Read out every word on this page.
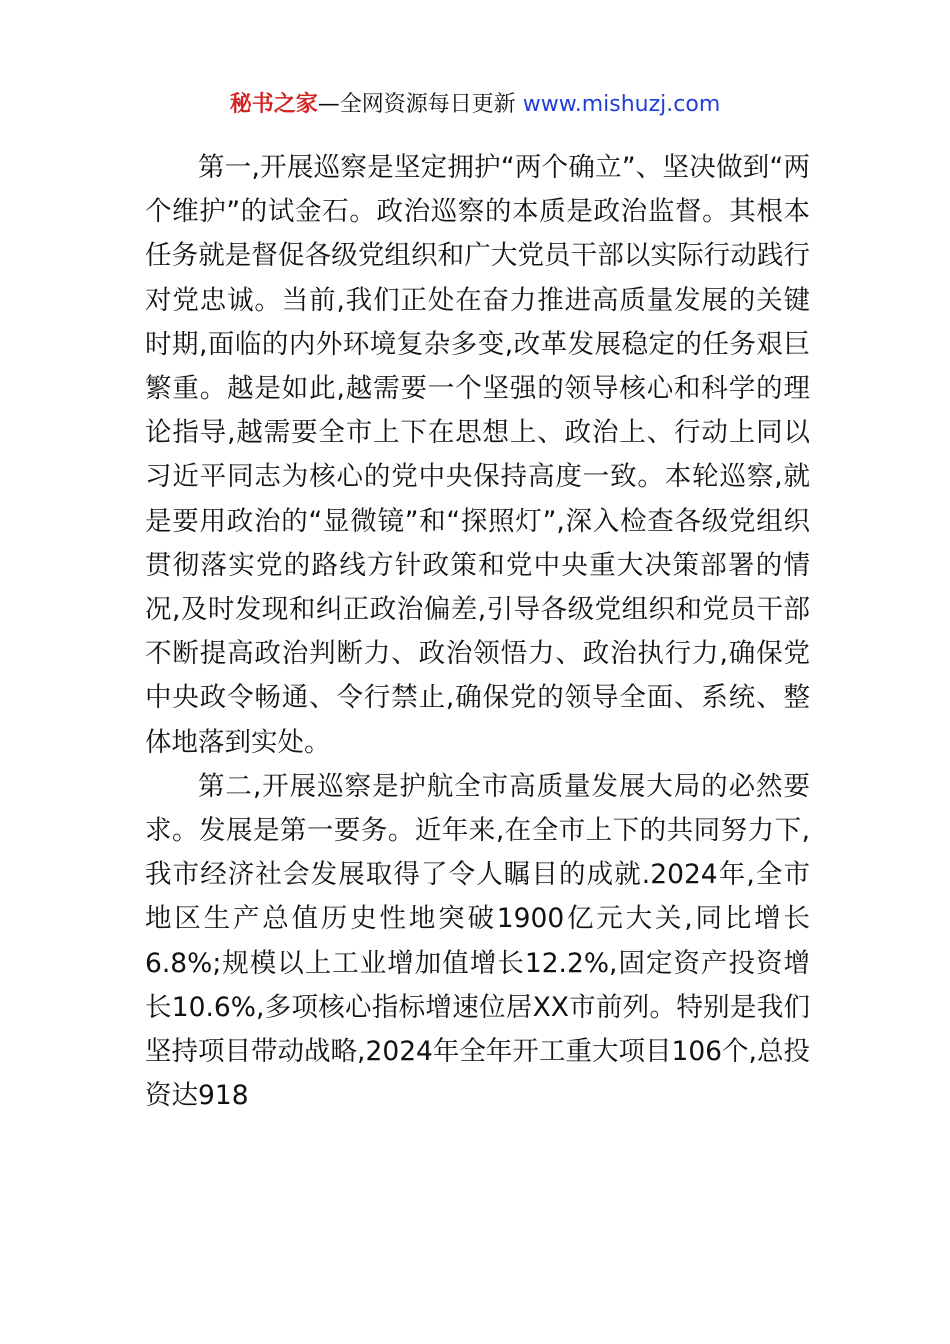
秘书之家—全网资源每日更新 www.mishuzj.com

第一,开展巡察是坚定拥护“两个确立”、坚决做到“两个维护”的试金石。政治巡察的本质是政治监督。其根本任务就是督促各级党组织和广大党员干部以实际行动践行对党忠诚。当前,我们正处在奋力推进高质量发展的关键时期,面临的内外环境复杂多变,改革发展稳定的任务艰巨繁重。越是如此,越需要一个坚强的领导核心和科学的理论指导,越需要全市上下在思想上、政治上、行动上同以习近平同志为核心的党中央保持高度一致。本轮巡察,就是要用政治的“显微镜”和“探照灯”,深入检查各级党组织贯彻落实党的路线方针政策和党中央重大决策部署的情况,及时发现和纠正政治偏差,引导各级党组织和党员干部不断提高政治判断力、政治领悟力、政治执行力,确保党中央政令畅通、令行禁止,确保党的领导全面、系统、整体地落到实处。

第二,开展巡察是护航全市高质量发展大局的必然要求。发展是第一要务。近年来,在全市上下的共同努力下,我市经济社会发展取得了令人瞩目的成就.2024年,全市地区生产总值历史性地突破1900亿元大关,同比增长6.8%;规模以上工业增加值增长12.2%,固定资产投资增长10.6%,多项核心指标增速位居XX市前列。特别是我们坚持项目带动战略,2024年全年开工重大项目106个,总投资达918
